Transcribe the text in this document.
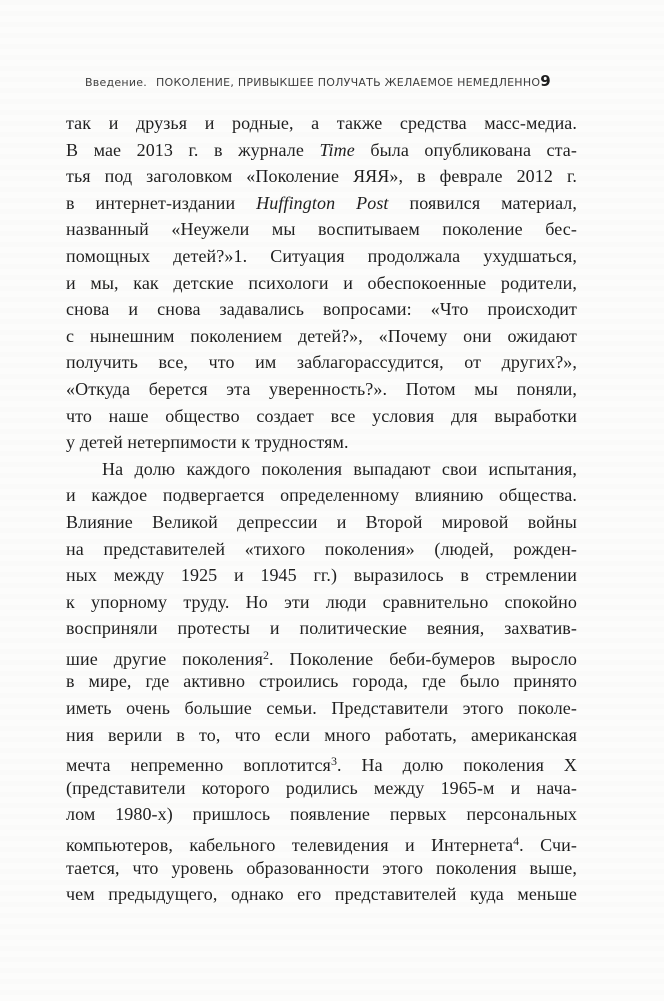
Введение. ПОКОЛЕНИЕ, ПРИВЫКШЕЕ ПОЛУЧАТЬ ЖЕЛАЕМОЕ НЕМЕДЛЕННО 9
так и друзья и родные, а также средства масс-медиа.
В мае 2013 г. в журнале Time была опубликована ста-
тья под заголовком «Поколение ЯЯЯ», в феврале 2012 г.
в интернет-издании Huffington Post появился материал,
названный «Неужели мы воспитываем поколение бес-
помощных детей?»1. Ситуация продолжала ухудшаться,
и мы, как детские психологи и обеспокоенные родители,
снова и снова задавались вопросами: «Что происходит
с нынешним поколением детей?», «Почему они ожидают
получить все, что им заблагорассудится, от других?»,
«Откуда берется эта уверенность?». Потом мы поняли,
что наше общество создает все условия для выработки
у детей нетерпимости к трудностям.
На долю каждого поколения выпадают свои испытания,
и каждое подвергается определенному влиянию общества.
Влияние Великой депрессии и Второй мировой войны
на представителей «тихого поколения» (людей, рожден-
ных между 1925 и 1945 гг.) выразилось в стремлении
к упорному труду. Но эти люди сравнительно спокойно
восприняли протесты и политические веяния, захватив-
шие другие поколения$^2$. Поколение беби-бумеров выросло
в мире, где активно строились города, где было принято
иметь очень большие семьи. Представители этого поколе-
ния верили в то, что если много работать, американская
мечта непременно воплотится$^3$. На долю поколения X
(представители которого родились между 1965-м и нача-
лом 1980-х) пришлось появление первых персональных
компьютеров, кабельного телевидения и Интернета$^4$. Счи-
тается, что уровень образованности этого поколения выше,
чем предыдущего, однако его представителей куда меньше
